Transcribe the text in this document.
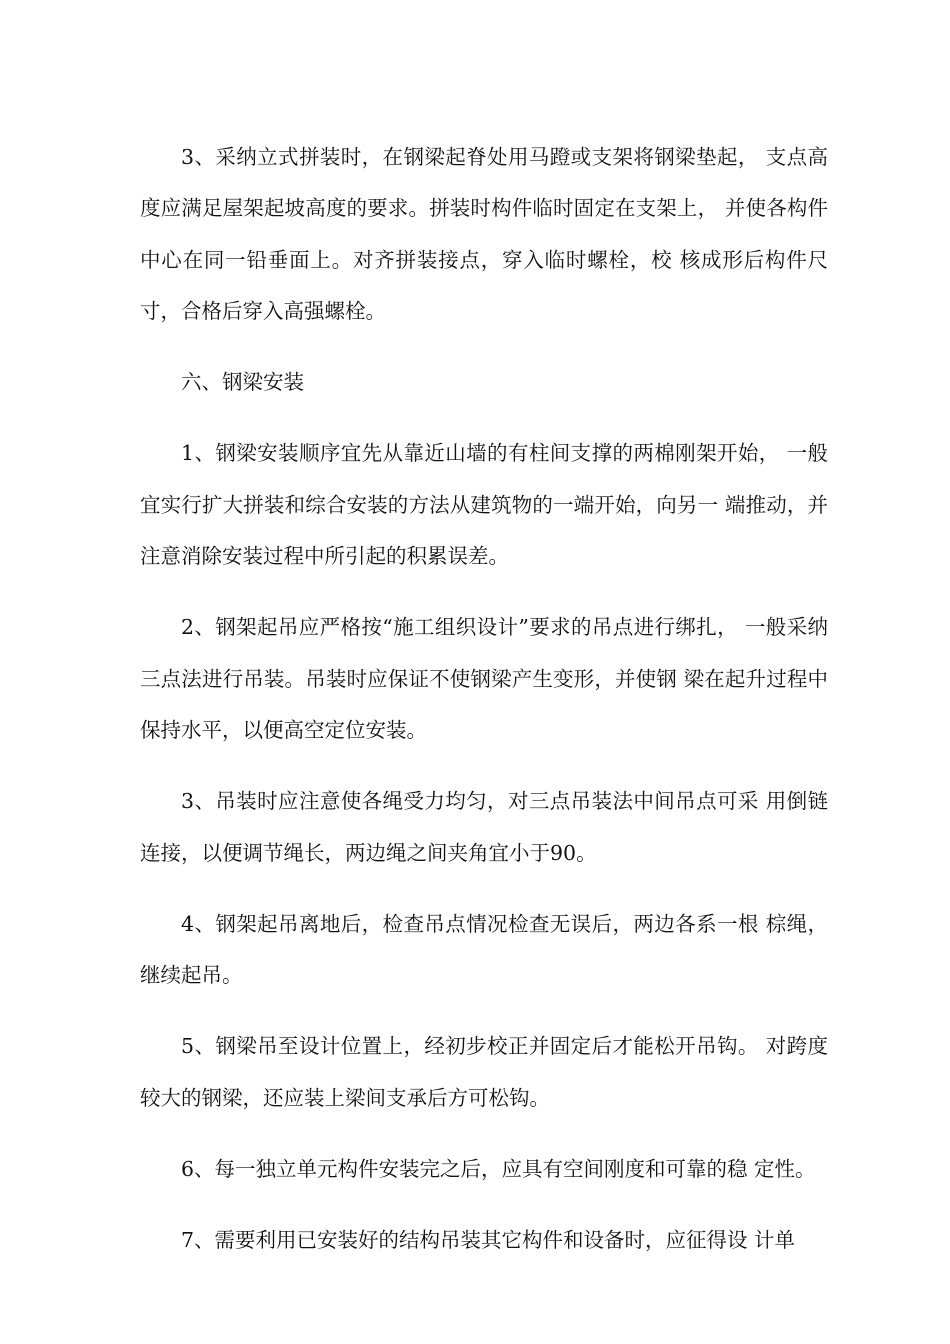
3、采纳立式拼装时，在钢梁起脊处用马蹬或支架将钢梁垫起， 支点高度应满足屋架起坡高度的要求。拼装时构件临时固定在支架上， 并使各构件中心在同一铅垂面上。对齐拼装接点，穿入临时螺栓，校 核成形后构件尺寸，合格后穿入高强螺栓。

六、钢梁安装

1、钢梁安装顺序宜先从靠近山墙的有柱间支撑的两棉刚架开始， 一般宜实行扩大拼装和综合安装的方法从建筑物的一端开始，向另一 端推动，并注意消除安装过程中所引起的积累误差。

2、钢架起吊应严格按“施工组织设计”要求的吊点进行绑扎， 一般采纳三点法进行吊装。吊装时应保证不使钢梁产生变形，并使钢 梁在起升过程中保持水平，以便高空定位安装。

3、吊装时应注意使各绳受力均匀，对三点吊装法中间吊点可采 用倒链连接，以便调节绳长，两边绳之间夹角宜小于90。

4、钢架起吊离地后，检查吊点情况检查无误后，两边各系一根 棕绳，继续起吊。

5、钢梁吊至设计位置上，经初步校正并固定后才能松开吊钩。 对跨度较大的钢梁，还应装上梁间支承后方可松钩。

6、每一独立单元构件安装完之后，应具有空间刚度和可靠的稳 定性。

7、需要利用已安装好的结构吊装其它构件和设备时，应征得设 计单
